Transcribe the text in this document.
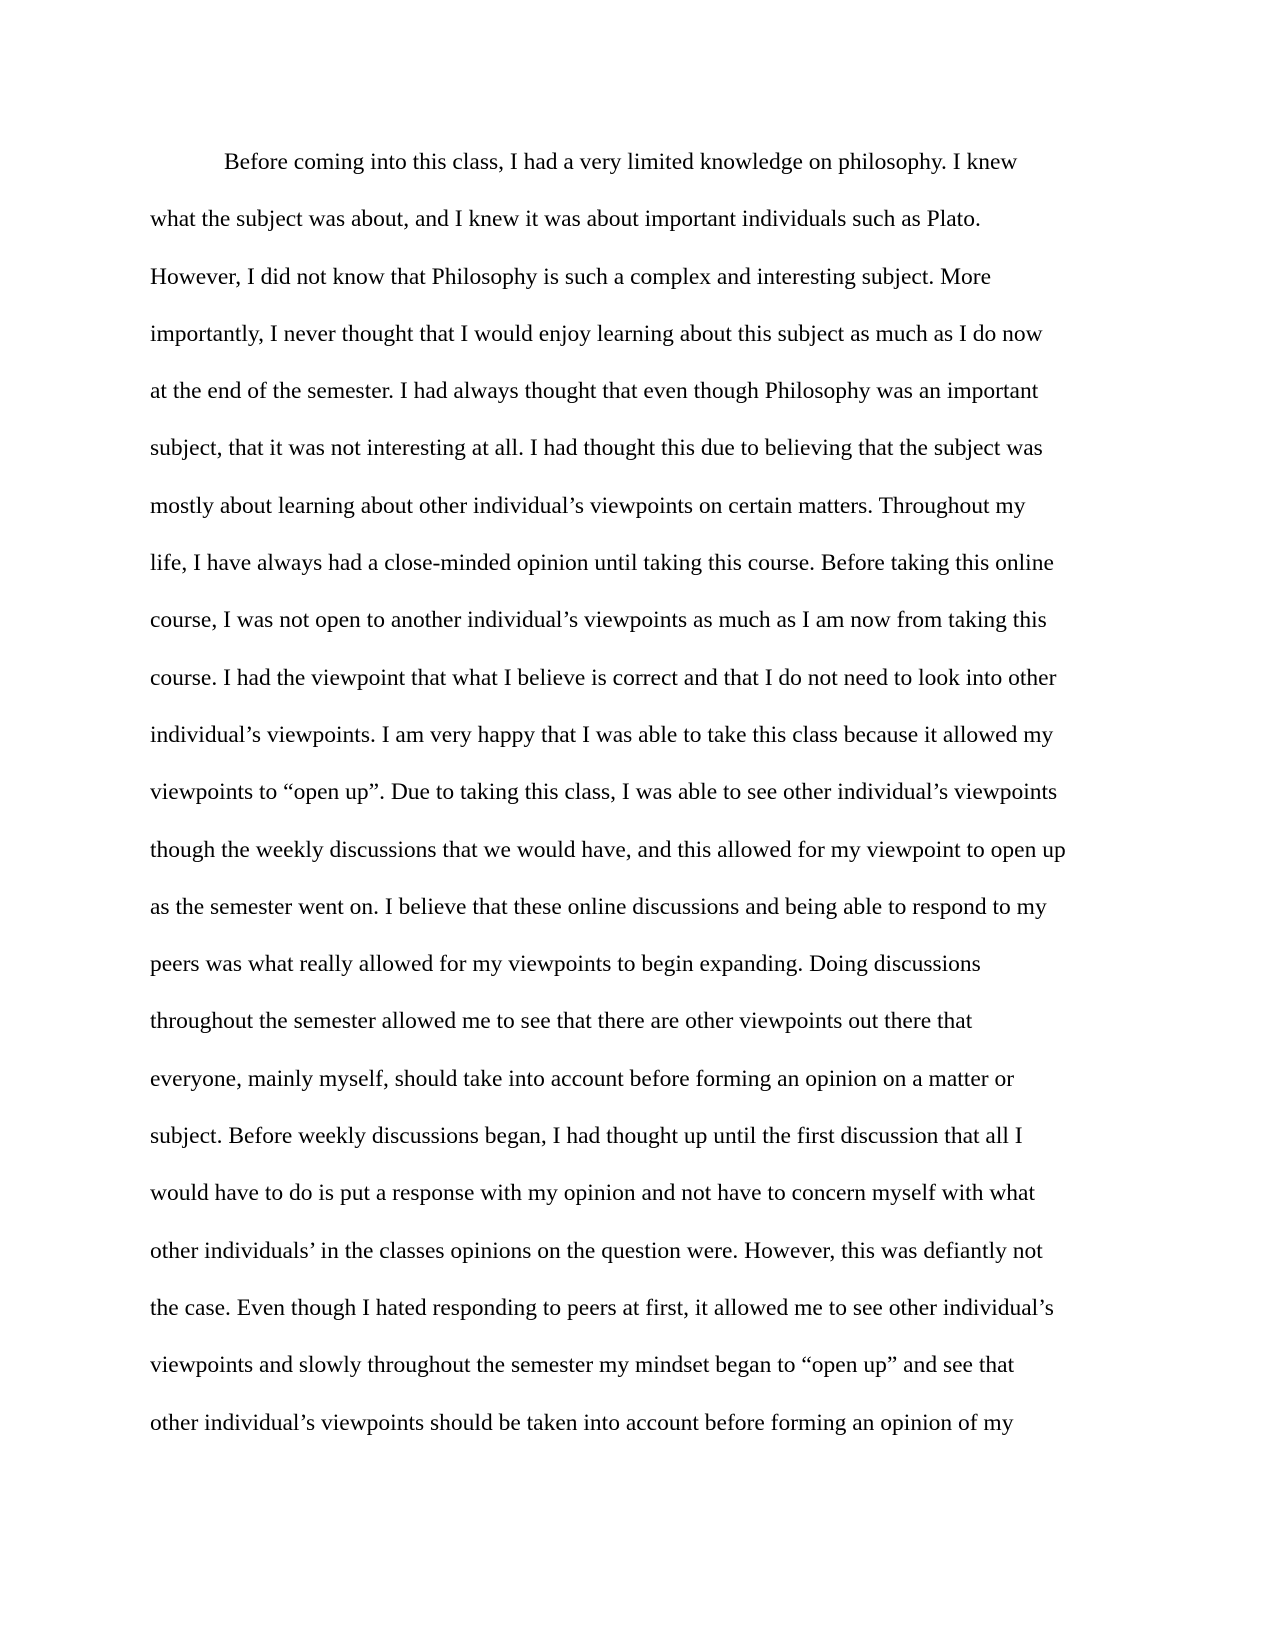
Before coming into this class, I had a very limited knowledge on philosophy. I knew
what the subject was about, and I knew it was about important individuals such as Plato.
However, I did not know that Philosophy is such a complex and interesting subject. More
importantly, I never thought that I would enjoy learning about this subject as much as I do now
at the end of the semester. I had always thought that even though Philosophy was an important
subject, that it was not interesting at all. I had thought this due to believing that the subject was
mostly about learning about other individual’s viewpoints on certain matters. Throughout my
life, I have always had a close-minded opinion until taking this course. Before taking this online
course, I was not open to another individual’s viewpoints as much as I am now from taking this
course. I had the viewpoint that what I believe is correct and that I do not need to look into other
individual’s viewpoints. I am very happy that I was able to take this class because it allowed my
viewpoints to “open up”. Due to taking this class, I was able to see other individual’s viewpoints
though the weekly discussions that we would have, and this allowed for my viewpoint to open up
as the semester went on. I believe that these online discussions and being able to respond to my
peers was what really allowed for my viewpoints to begin expanding. Doing discussions
throughout the semester allowed me to see that there are other viewpoints out there that
everyone, mainly myself, should take into account before forming an opinion on a matter or
subject. Before weekly discussions began, I had thought up until the first discussion that all I
would have to do is put a response with my opinion and not have to concern myself with what
other individuals’ in the classes opinions on the question were. However, this was defiantly not
the case. Even though I hated responding to peers at first, it allowed me to see other individual’s
viewpoints and slowly throughout the semester my mindset began to “open up” and see that
other individual’s viewpoints should be taken into account before forming an opinion of my
